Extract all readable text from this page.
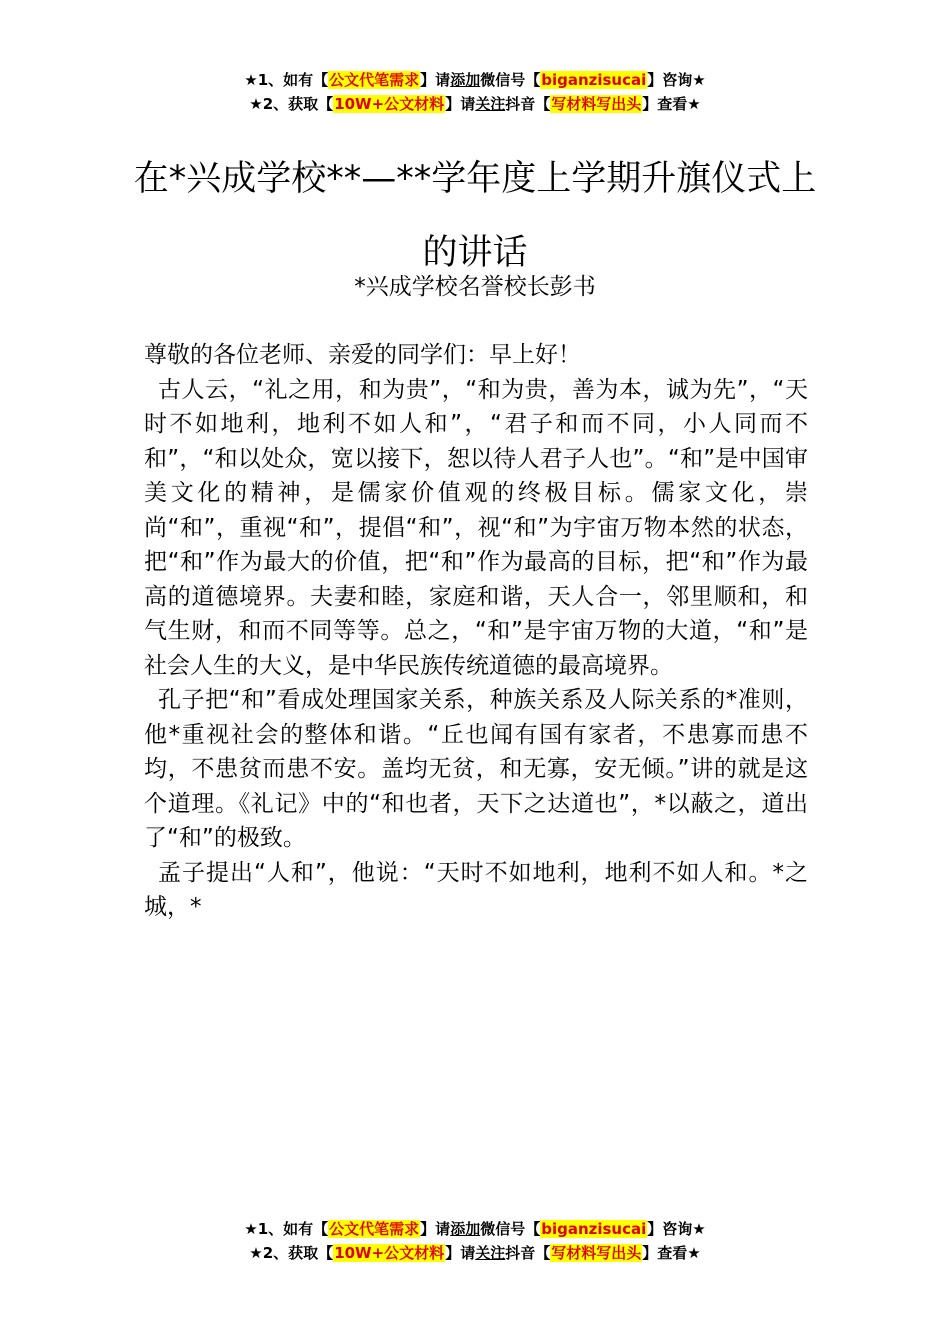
★1、如有【公文代笔需求】请添加微信号【biganzisucai】咨询★
★2、获取【10W+公文材料】请关注抖音【写材料写出头】查看★
在*兴成学校**—**学年度上学期升旗仪式上的讲话
*兴成学校名誉校长彭书

尊敬的各位老师、亲爱的同学们：早上好！

古人云，“礼之用，和为贵”，“和为贵，善为本，诚为先”，“天时不如地利，地利不如人和”，“君子和而不同，小人同而不和”，“和以处众，宽以接下，恕以待人君子人也”。“和”是中国审美文化的精神，是儒家价值观的终极目标。儒家文化，崇尚“和”，重视“和”，提倡“和”，视“和”为宇宙万物本然的状态，把“和”作为最大的价值，把“和”作为最高的目标，把“和”作为最高的道德境界。夫妻和睦，家庭和谐，天人合一，邻里顺和，和气生财，和而不同等等。总之，“和”是宇宙万物的大道，“和”是社会人生的大义，是中华民族传统道德的最高境界。

孔子把“和”看成处理国家关系，种族关系及人际关系的*准则，他*重视社会的整体和谐。“丘也闻有国有家者，不患寡而患不均，不患贫而患不安。盖均无贫，和无寡，安无倾。”讲的就是这个道理。《礼记》中的“和也者，天下之达道也”，*以蔽之，道出了“和”的极致。

孟子提出“人和”，他说：“天时不如地利，地利不如人和。*之城，*

★1、如有【公文代笔需求】请添加微信号【biganzisucai】咨询★
★2、获取【10W+公文材料】请关注抖音【写材料写出头】查看★
